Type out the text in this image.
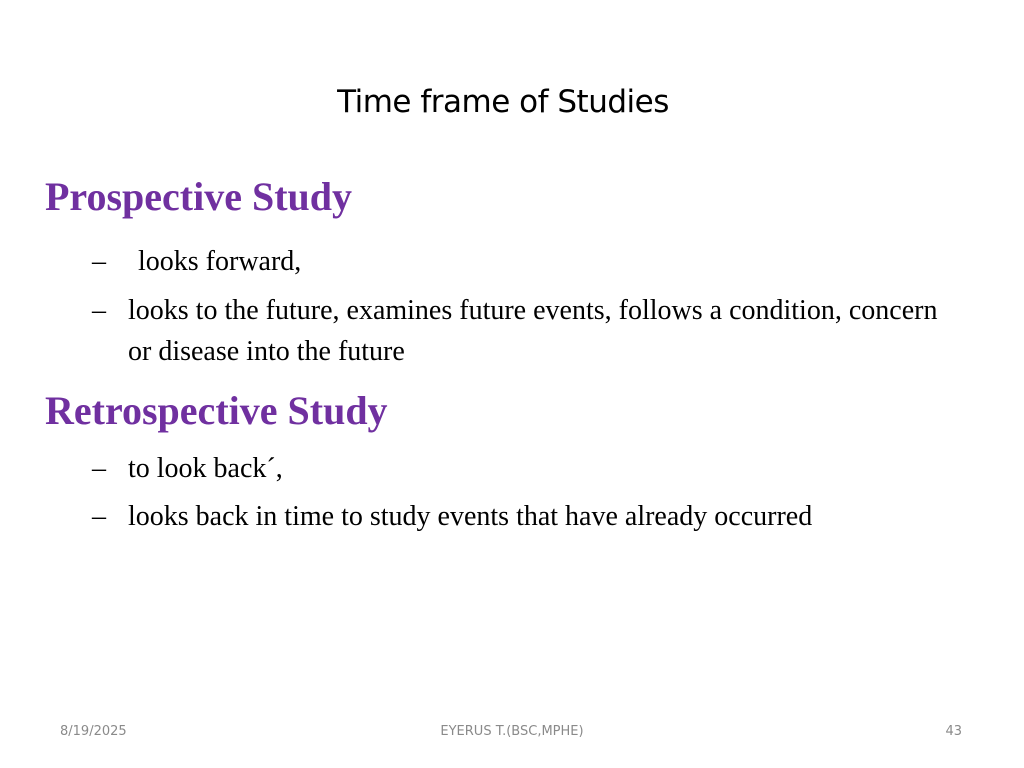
Time frame of Studies
Prospective Study
–	looks forward,
– looks to the future, examines future events, follows a condition, concern or disease into the future
Retrospective Study
– to look back´,
– looks back in time to study events that have already occurred
8/19/2025	EYERUS T.(BSC,MPHE)	43
